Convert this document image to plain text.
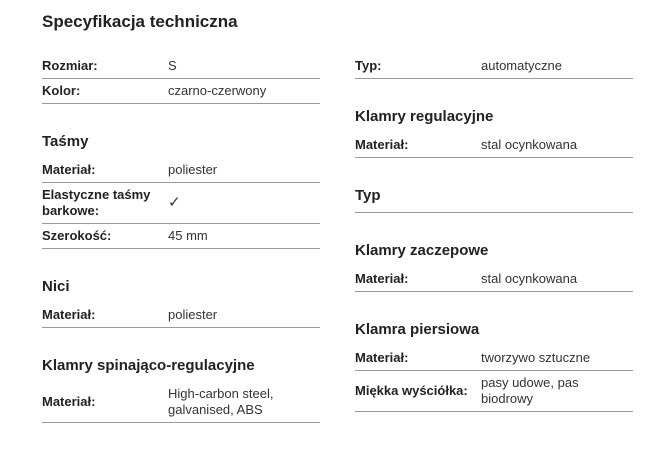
Specyfikacja techniczna
Rozmiar:	S
Kolor:	czarno-czerwony
Taśmy
Materiał:	poliester
Elastyczne taśmy barkowe:	✓
Szerokość:	45 mm
Nici
Materiał:	poliester
Klamry spinająco-regulacyjne
Materiał:
High-carbon steel, galvanised, ABS
Typ:	automatyczne
Klamry regulacyjne
Materiał:	stal ocynkowana
Typ
Klamry zaczepowe
Materiał:	stal ocynkowana
Klamra piersiowa
Materiał:	tworzywo sztuczne
Miękka wyściółka:
pasy udowe, pas biodrowy
